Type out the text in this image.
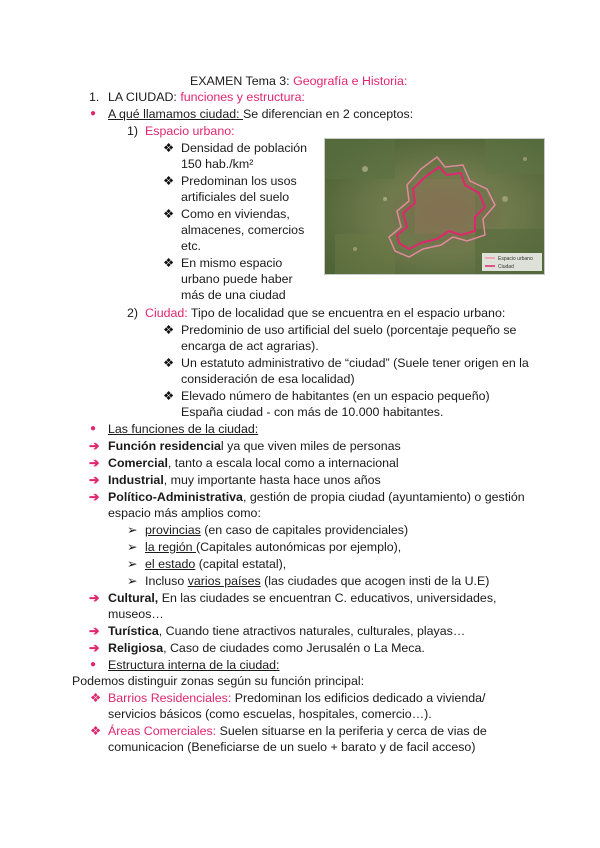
EXAMEN Tema 3: Geografía e Historia:
1. LA CIUDAD: funciones y estructura:
● A qué llamamos ciudad: Se diferencian en 2 conceptos:
1) Espacio urbano:
❖ Densidad de población
150 hab./km²
❖ Predominan los usos
artificiales del suelo
❖ Como en viviendas,
almacenes, comercios
etc.
❖ En mismo espacio
urbano puede haber
más de una ciudad
Espacio urbano
Ciudad
2) Ciudad: Tipo de localidad que se encuentra en el espacio urbano:
❖ Predominio de uso artificial del suelo (porcentaje pequeño se
encarga de act agrarias).
❖ Un estatuto administrativo de “ciudad” (Suele tener origen en la
consideración de esa localidad)
❖ Elevado número de habitantes (en un espacio pequeño)
España ciudad - con más de 10.000 habitantes.
● Las funciones de la ciudad:
➔ Función residencial ya que viven miles de personas
➔ Comercial, tanto a escala local como a internacional
➔ Industrial, muy importante hasta hace unos años
➔ Político-Administrativa, gestión de propia ciudad (ayuntamiento) o gestión
espacio más amplios como:
➢ provincias (en caso de capitales providenciales)
➢ la región (Capitales autonómicas por ejemplo),
➢ el estado (capital estatal),
➢ Incluso varios países (las ciudades que acogen insti de la U.E)
➔ Cultural, En las ciudades se encuentran C. educativos, universidades,
museos…
➔ Turística, Cuando tiene atractivos naturales, culturales, playas…
➔ Religiosa, Caso de ciudades como Jerusalén o La Meca.
● Estructura interna de la ciudad:
Podemos distinguir zonas según su función principal:
❖ Barrios Residenciales: Predominan los edificios dedicado a vivienda/
servicios básicos (como escuelas, hospitales, comercio…).
❖ Áreas Comerciales: Suelen situarse en la periferia y cerca de vias de
comunicacion (Beneficiarse de un suelo + barato y de facil acceso)
